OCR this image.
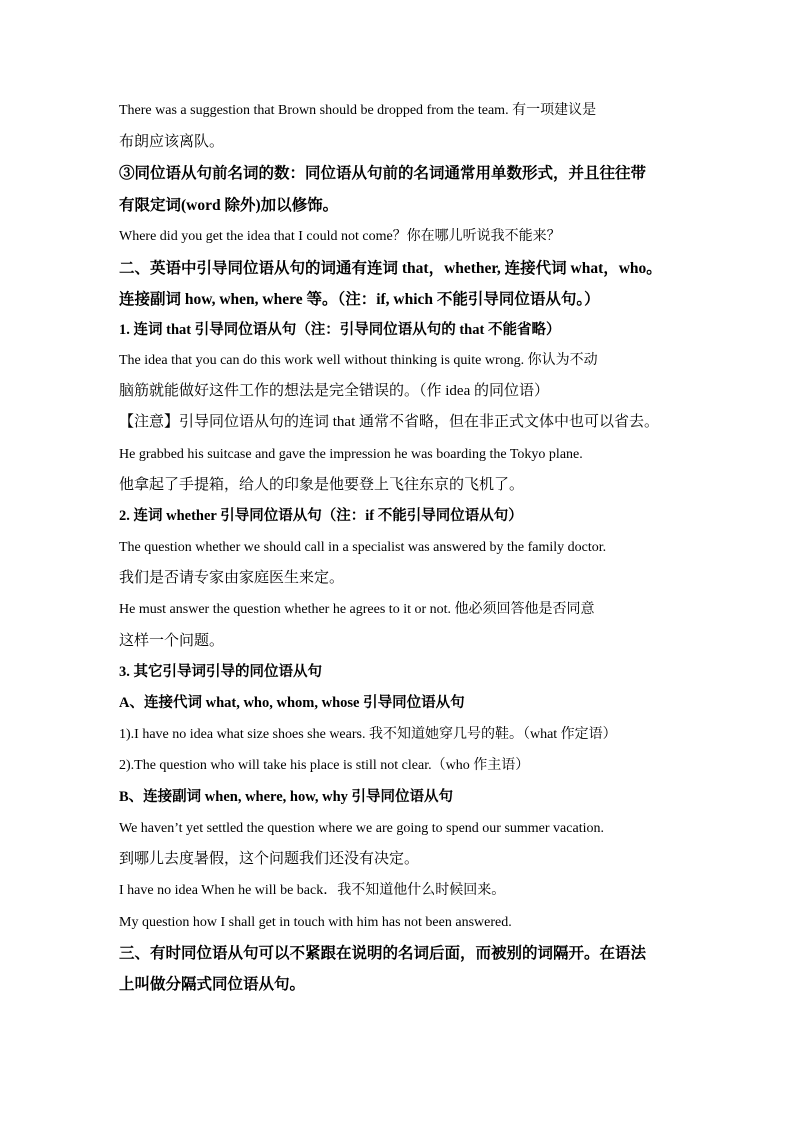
There was a suggestion that Brown should be dropped from the team. 有一项建议是
布朗应该离队。
③同位语从句前名词的数：同位语从句前的名词通常用单数形式，并且往往带
有限定词(word 除外)加以修饰。
Where did you get the idea that I could not come？你在哪儿听说我不能来？
二、英语中引导同位语从句的词通有连词 that，whether, 连接代词 what，who。
连接副词 how, when, where 等。（注：if, which 不能引导同位语从句。）
1. 连词 that 引导同位语从句（注：引导同位语从句的 that 不能省略）
The idea that you can do this work well without thinking is quite wrong. 你认为不动
脑筋就能做好这件工作的想法是完全错误的。（作 idea 的同位语）
【注意】引导同位语从句的连词 that 通常不省略，但在非正式文体中也可以省去。
He grabbed his suitcase and gave the impression he was boarding the Tokyo plane.
他拿起了手提箱，给人的印象是他要登上飞往东京的飞机了。
2. 连词 whether 引导同位语从句（注：if 不能引导同位语从句）
The question whether we should call in a specialist was answered by the family doctor.
我们是否请专家由家庭医生来定。
He must answer the question whether he agrees to it or not. 他必须回答他是否同意
这样一个问题。
3. 其它引导词引导的同位语从句
A、连接代词 what, who, whom, whose 引导同位语从句
1).I have no idea what size shoes she wears. 我不知道她穿几号的鞋。（what 作定语）
2).The question who will take his place is still not clear.（who 作主语）
B、连接副词 when, where, how, why 引导同位语从句
We haven’t yet settled the question where we are going to spend our summer vacation.
到哪儿去度暑假，这个问题我们还没有决定。
I have no idea When he will be back．我不知道他什么时候回来。
My question how I shall get in touch with him has not been answered.
三、有时同位语从句可以不紧跟在说明的名词后面，而被别的词隔开。在语法
上叫做分隔式同位语从句。
